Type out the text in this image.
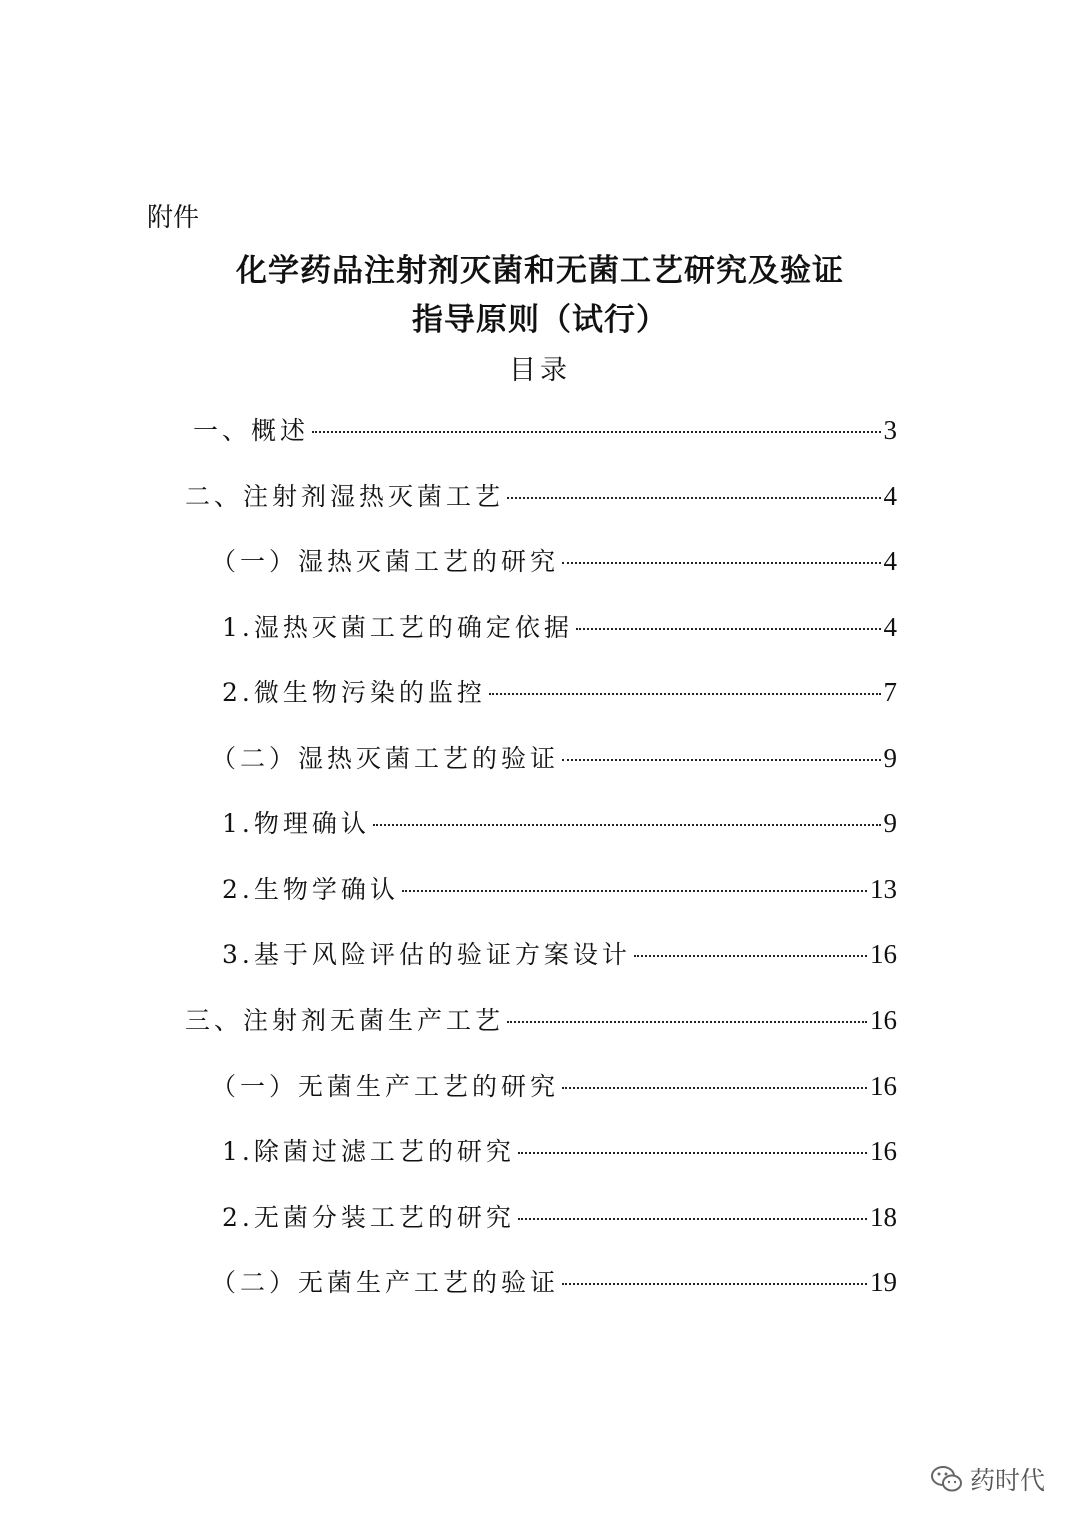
附件
化学药品注射剂灭菌和无菌工艺研究及验证
指导原则（试行）
目录
一、概述	3
二、注射剂湿热灭菌工艺	4
（一）湿热灭菌工艺的研究	4
1.湿热灭菌工艺的确定依据	4
2.微生物污染的监控	7
（二）湿热灭菌工艺的验证	9
1.物理确认	9
2.生物学确认	13
3.基于风险评估的验证方案设计	16
三、注射剂无菌生产工艺	16
（一）无菌生产工艺的研究	16
1.除菌过滤工艺的研究	16
2.无菌分装工艺的研究	18
（二）无菌生产工艺的验证	19
药时代
